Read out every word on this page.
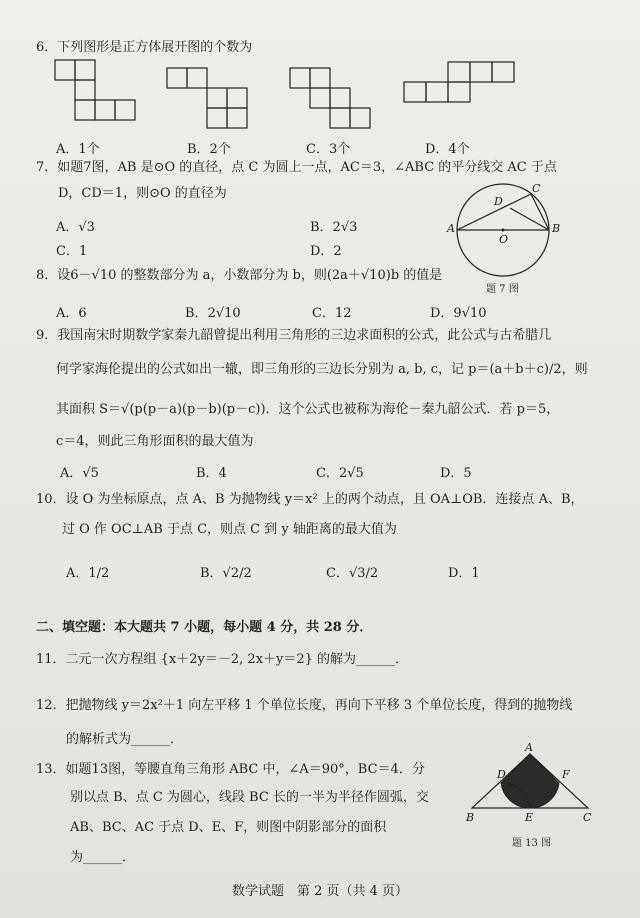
6．下列图形是正方体展开图的个数为
A．1个	B．2个	C．3个	D．4个
7．如题7图，AB 是⊙O 的直径，点 C 为圆上一点，AC＝3，∠ABC 的平分线交 AC 于点
D，CD＝1，则⊙O 的直径为
A．√3	B．2√3
C．1	D．2
A	B
C
D
O
题 7 图
8．设6－√10 的整数部分为 a，小数部分为 b，则(2a＋√10)b 的值是
A．6	B．2√10	C．12	D．9√10
9．我国南宋时期数学家秦九韶曾提出利用三角形的三边求面积的公式，此公式与古希腊几
何学家海伦提出的公式如出一辙，即三角形的三边长分别为 a, b, c，记 p＝(a＋b＋c)/2，则
其面积 S＝√(p(p－a)(p－b)(p－c))．这个公式也被称为海伦－秦九韶公式．若 p＝5，
c＝4，则此三角形面积的最大值为
A．√5	B．4	C．2√5	D．5
10．设 O 为坐标原点，点 A、B 为抛物线 y＝x² 上的两个动点，且 OA⊥OB．连接点 A、B，
过 O 作 OC⊥AB 于点 C，则点 C 到 y 轴距离的最大值为
A．1/2	B．√2/2	C．√3/2	D．1
二、填空题：本大题共 7 小题，每小题 4 分，共 28 分．
11．二元一次方程组 {x＋2y＝－2, 2x＋y＝2} 的解为______．
12．把抛物线 y＝2x²＋1 向左平移 1 个单位长度，再向下平移 3 个单位长度，得到的抛物线
的解析式为______．
13．如题13图，等腰直角三角形 ABC 中，∠A＝90°，BC＝4．分
别以点 B、点 C 为圆心，线段 BC 长的一半为半径作圆弧，交
AB、BC、AC 于点 D、E、F，则图中阴影部分的面积
为______．
A
D	F
B	C
E
题 13 图
数学试题　第 2 页（共 4 页）
